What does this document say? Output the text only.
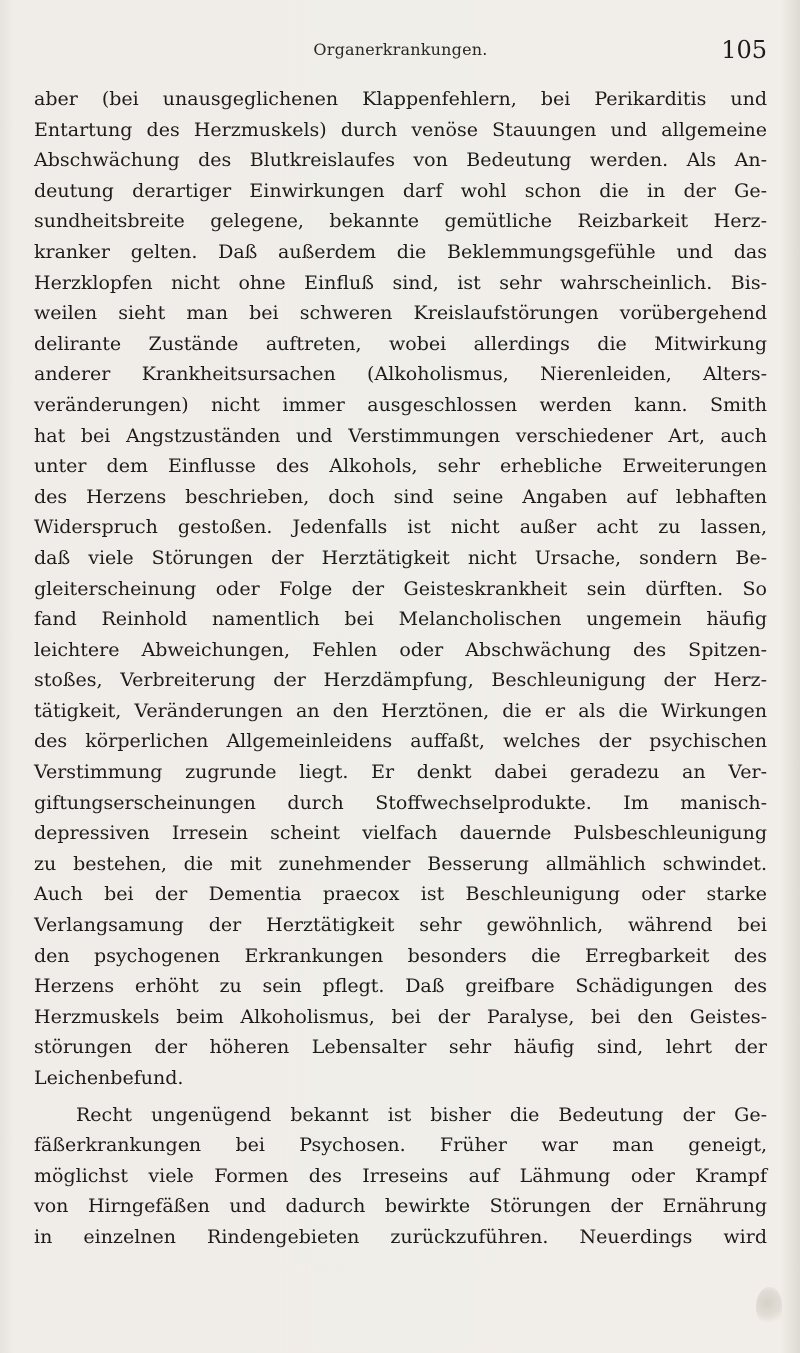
Organerkrankungen.	105
aber (bei unausgeglichenen Klappenfehlern, bei Perikarditis und
Entartung des Herzmuskels) durch venöse Stauungen und allgemeine
Abschwächung des Blutkreislaufes von Bedeutung werden. Als An-
deutung derartiger Einwirkungen darf wohl schon die in der Ge-
sundheitsbreite gelegene, bekannte gemütliche Reizbarkeit Herz-
kranker gelten. Daß außerdem die Beklemmungsgefühle und das
Herzklopfen nicht ohne Einfluß sind, ist sehr wahrscheinlich. Bis-
weilen sieht man bei schweren Kreislaufstörungen vorübergehend
delirante Zustände auftreten, wobei allerdings die Mitwirkung
anderer Krankheitsursachen (Alkoholismus, Nierenleiden, Alters-
veränderungen) nicht immer ausgeschlossen werden kann. Smith
hat bei Angstzuständen und Verstimmungen verschiedener Art, auch
unter dem Einflusse des Alkohols, sehr erhebliche Erweiterungen
des Herzens beschrieben, doch sind seine Angaben auf lebhaften
Widerspruch gestoßen. Jedenfalls ist nicht außer acht zu lassen,
daß viele Störungen der Herztätigkeit nicht Ursache, sondern Be-
gleiterscheinung oder Folge der Geisteskrankheit sein dürften. So
fand Reinhold namentlich bei Melancholischen ungemein häufig
leichtere Abweichungen, Fehlen oder Abschwächung des Spitzen-
stoßes, Verbreiterung der Herzdämpfung, Beschleunigung der Herz-
tätigkeit, Veränderungen an den Herztönen, die er als die Wirkungen
des körperlichen Allgemeinleidens auffaßt, welches der psychischen
Verstimmung zugrunde liegt. Er denkt dabei geradezu an Ver-
giftungserscheinungen durch Stoffwechselprodukte. Im manisch-
depressiven Irresein scheint vielfach dauernde Pulsbeschleunigung
zu bestehen, die mit zunehmender Besserung allmählich schwindet.
Auch bei der Dementia praecox ist Beschleunigung oder starke
Verlangsamung der Herztätigkeit sehr gewöhnlich, während bei
den psychogenen Erkrankungen besonders die Erregbarkeit des
Herzens erhöht zu sein pflegt. Daß greifbare Schädigungen des
Herzmuskels beim Alkoholismus, bei der Paralyse, bei den Geistes-
störungen der höheren Lebensalter sehr häufig sind, lehrt der
Leichenbefund.
Recht ungenügend bekannt ist bisher die Bedeutung der Ge-
fäßerkrankungen bei Psychosen. Früher war man geneigt,
möglichst viele Formen des Irreseins auf Lähmung oder Krampf
von Hirngefäßen und dadurch bewirkte Störungen der Ernährung
in einzelnen Rindengebieten zurückzuführen. Neuerdings wird
